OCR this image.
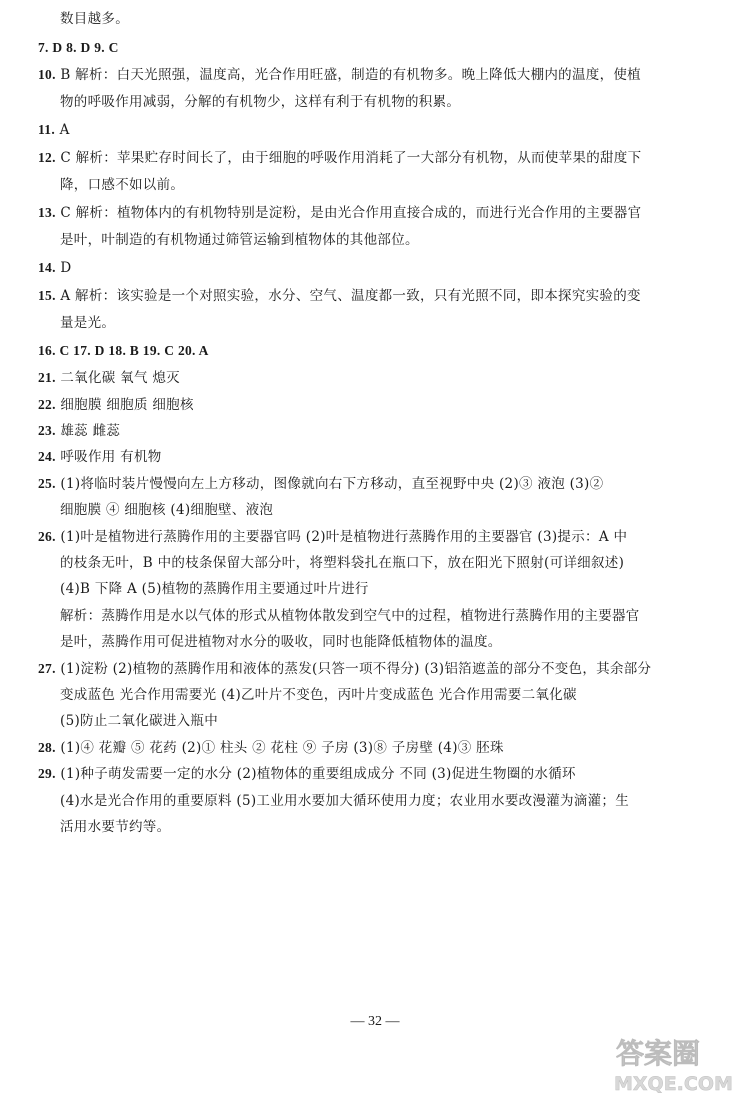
数目越多。
7. D 8. D 9. C
10. B 解析：白天光照强，温度高，光合作用旺盛，制造的有机物多。晚上降低大棚内的温度，使植
物的呼吸作用减弱，分解的有机物少，这样有利于有机物的积累。
11. A
12. C 解析：苹果贮存时间长了，由于细胞的呼吸作用消耗了一大部分有机物，从而使苹果的甜度下
降，口感不如以前。
13. C 解析：植物体内的有机物特别是淀粉，是由光合作用直接合成的，而进行光合作用的主要器官
是叶，叶制造的有机物通过筛管运输到植物体的其他部位。
14. D
15. A 解析：该实验是一个对照实验，水分、空气、温度都一致，只有光照不同，即本探究实验的变
量是光。
16. C 17. D 18. B 19. C 20. A
21. 二氧化碳 氧气 熄灭
22. 细胞膜 细胞质 细胞核
23. 雄蕊 雌蕊
24. 呼吸作用 有机物
25. (1)将临时装片慢慢向左上方移动，图像就向右下方移动，直至视野中央 (2)③ 液泡 (3)②
细胞膜 ④ 细胞核 (4)细胞壁、液泡
26. (1)叶是植物进行蒸腾作用的主要器官吗 (2)叶是植物进行蒸腾作用的主要器官 (3)提示：A 中
的枝条无叶，B 中的枝条保留大部分叶，将塑料袋扎在瓶口下，放在阳光下照射(可详细叙述)
(4)B 下降 A (5)植物的蒸腾作用主要通过叶片进行
解析：蒸腾作用是水以气体的形式从植物体散发到空气中的过程，植物进行蒸腾作用的主要器官
是叶，蒸腾作用可促进植物对水分的吸收，同时也能降低植物体的温度。
27. (1)淀粉 (2)植物的蒸腾作用和液体的蒸发(只答一项不得分) (3)铝箔遮盖的部分不变色，其余部分
变成蓝色 光合作用需要光 (4)乙叶片不变色，丙叶片变成蓝色 光合作用需要二氧化碳
(5)防止二氧化碳进入瓶中
28. (1)④ 花瓣 ⑤ 花药 (2)① 柱头 ② 花柱 ⑨ 子房 (3)⑧ 子房壁 (4)③ 胚珠
29. (1)种子萌发需要一定的水分 (2)植物体的重要组成成分 不同 (3)促进生物圈的水循环
(4)水是光合作用的重要原料 (5)工业用水要加大循环使用力度；农业用水要改漫灌为滴灌；生
活用水要节约等。
— 32 —
答案圈
MXQE.COM
